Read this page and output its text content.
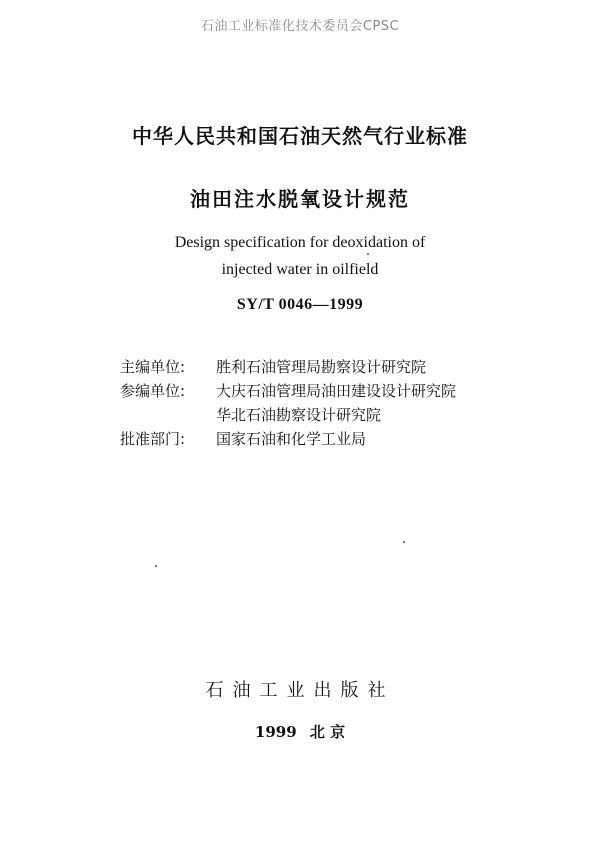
石油工业标准化技术委员会CPSC
中华人民共和国石油天然气行业标准
油田注水脱氧设计规范
Design specification for deoxidation of
injected water in oilfield
SY/T 0046—1999
主编单位:	胜利石油管理局勘察设计研究院
参编单位:	大庆石油管理局油田建设设计研究院
华北石油勘察设计研究院
批准部门:	国家石油和化学工业局
石油工业出版社
1999 北 京
